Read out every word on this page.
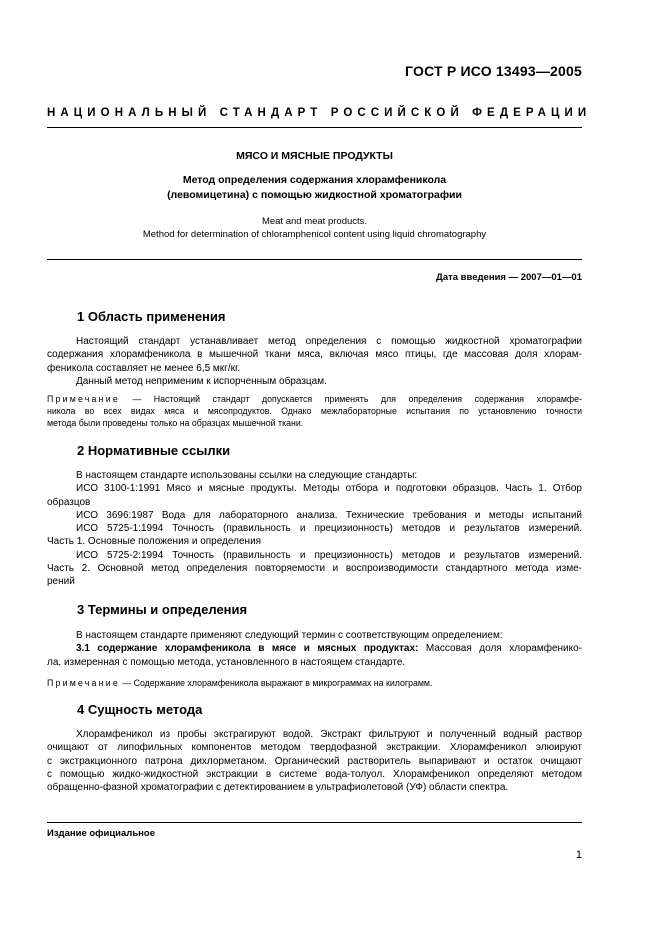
ГОСТ Р ИСО 13493—2005
НАЦИОНАЛЬНЫЙ СТАНДАРТ РОССИЙСКОЙ ФЕДЕРАЦИИ
МЯСО И МЯСНЫЕ ПРОДУКТЫ
Метод определения содержания хлорамфеникола
(левомицетина) с помощью жидкостной хроматографии
Meat and meat products.
Method for determination of chloramphenicol content using liquid chromatography
Дата введения — 2007—01—01
1 Область применения
Настоящий стандарт устанавливает метод определения с помощью жидкостной хроматографии
содержания хлорамфеникола в мышечной ткани мяса, включая мясо птицы, где массовая доля хлорам-
феникола составляет не менее 6,5 мкг/кг.
Данный метод неприменим к испорченным образцам.
Примечание — Настоящий стандарт допускается применять для определения содержания хлорамфе-
никола во всех видах мяса и мясопродуктов. Однако межлабораторные испытания по установлению точности
метода были проведены только на образцах мышечной ткани.
2 Нормативные ссылки
В настоящем стандарте использованы ссылки на следующие стандарты:
ИСО 3100-1:1991 Мясо и мясные продукты. Методы отбора и подготовки образцов. Часть 1. Отбор
образцов
ИСО 3696:1987 Вода для лабораторного анализа. Технические требования и методы испытаний
ИСО 5725-1:1994 Точность (правильность и прецизионность) методов и результатов измерений.
Часть 1. Основные положения и определения
ИСО 5725-2:1994 Точность (правильность и прецизионность) методов и результатов измерений.
Часть 2. Основной метод определения повторяемости и воспроизводимости стандартного метода изме-
рений
3 Термины и определения
В настоящем стандарте применяют следующий термин с соответствующим определением:
3.1 содержание хлорамфеникола в мясе и мясных продуктах: Массовая доля хлорамфенико-
ла, измеренная с помощью метода, установленного в настоящем стандарте.
Примечание — Содержание хлорамфеникола выражают в микрограммах на килограмм.
4 Сущность метода
Хлорамфеникол из пробы экстрагируют водой. Экстракт фильтруют и полученный водный раствор
очищают от липофильных компонентов методом твердофазной экстракции. Хлорамфеникол элюируют
с экстракционного патрона дихлорметаном. Органический растворитель выпаривают и остаток очищают
с помощью жидко-жидкостной экстракции в системе вода-толуол. Хлорамфеникол определяют методом
обращенно-фазной хроматографии с детектированием в ультрафиолетовой (УФ) области спектра.
Издание официальное
1
